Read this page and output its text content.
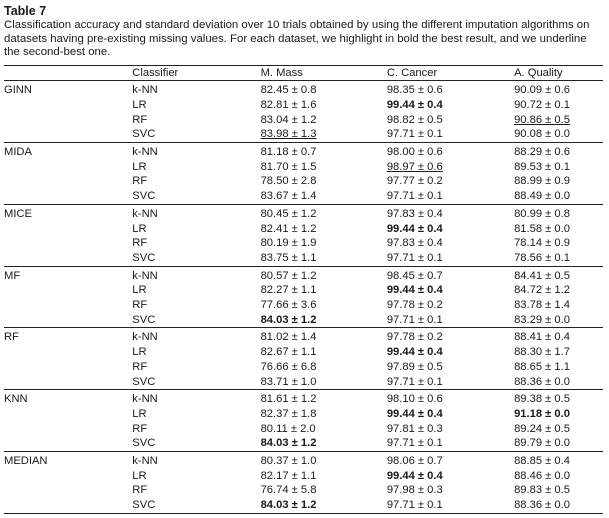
Table 7
Classification accuracy and standard deviation over 10 trials obtained by using the different imputation algorithms on datasets having pre-existing missing values. For each dataset, we highlight in bold the best result, and we underline the second-best one.
	Classifier	M. Mass	C. Cancer	A. Quality
GINN	k-NN	82.45 ± 0.8	98.35 ± 0.6	90.09 ± 0.6
	LR	82.81 ± 1.6	99.44 ± 0.4	90.72 ± 0.1
	RF	83.04 ± 1.2	98.82 ± 0.5	90.86 ± 0.5
	SVC	83.98 ± 1.3	97.71 ± 0.1	90.08 ± 0.0
MIDA	k-NN	81.18 ± 0.7	98.00 ± 0.6	88.29 ± 0.6
	LR	81.70 ± 1.5	98.97 ± 0.6	89.53 ± 0.1
	RF	78.50 ± 2.8	97.77 ± 0.2	88.99 ± 0.9
	SVC	83.67 ± 1.4	97.71 ± 0.1	88.49 ± 0.0
MICE	k-NN	80.45 ± 1.2	97.83 ± 0.4	80.99 ± 0.8
	LR	82.41 ± 1.2	99.44 ± 0.4	81.58 ± 0.0
	RF	80.19 ± 1.9	97.83 ± 0.4	78.14 ± 0.9
	SVC	83.75 ± 1.1	97.71 ± 0.1	78.56 ± 0.1
MF	k-NN	80.57 ± 1.2	98.45 ± 0.7	84.41 ± 0.5
	LR	82.27 ± 1.1	99.44 ± 0.4	84.72 ± 1.2
	RF	77.66 ± 3.6	97.78 ± 0.2	83.78 ± 1.4
	SVC	84.03 ± 1.2	97.71 ± 0.1	83.29 ± 0.0
RF	k-NN	81.02 ± 1.4	97.78 ± 0.2	88.41 ± 0.4
	LR	82.67 ± 1.1	99.44 ± 0.4	88.30 ± 1.7
	RF	76.66 ± 6.8	97.89 ± 0.5	88.65 ± 1.1
	SVC	83.71 ± 1.0	97.71 ± 0.1	88.36 ± 0.0
KNN	k-NN	81.61 ± 1.2	98.10 ± 0.6	89.38 ± 0.5
	LR	82.37 ± 1.8	99.44 ± 0.4	91.18 ± 0.0
	RF	80.11 ± 2.0	97.81 ± 0.3	89.24 ± 0.5
	SVC	84.03 ± 1.2	97.71 ± 0.1	89.79 ± 0.0
MEDIAN	k-NN	80.37 ± 1.0	98.06 ± 0.7	88.85 ± 0.4
	LR	82.17 ± 1.1	99.44 ± 0.4	88.46 ± 0.0
	RF	76.74 ± 5.8	97.98 ± 0.3	89.83 ± 0.5
	SVC	84.03 ± 1.2	97.71 ± 0.1	88.36 ± 0.0
